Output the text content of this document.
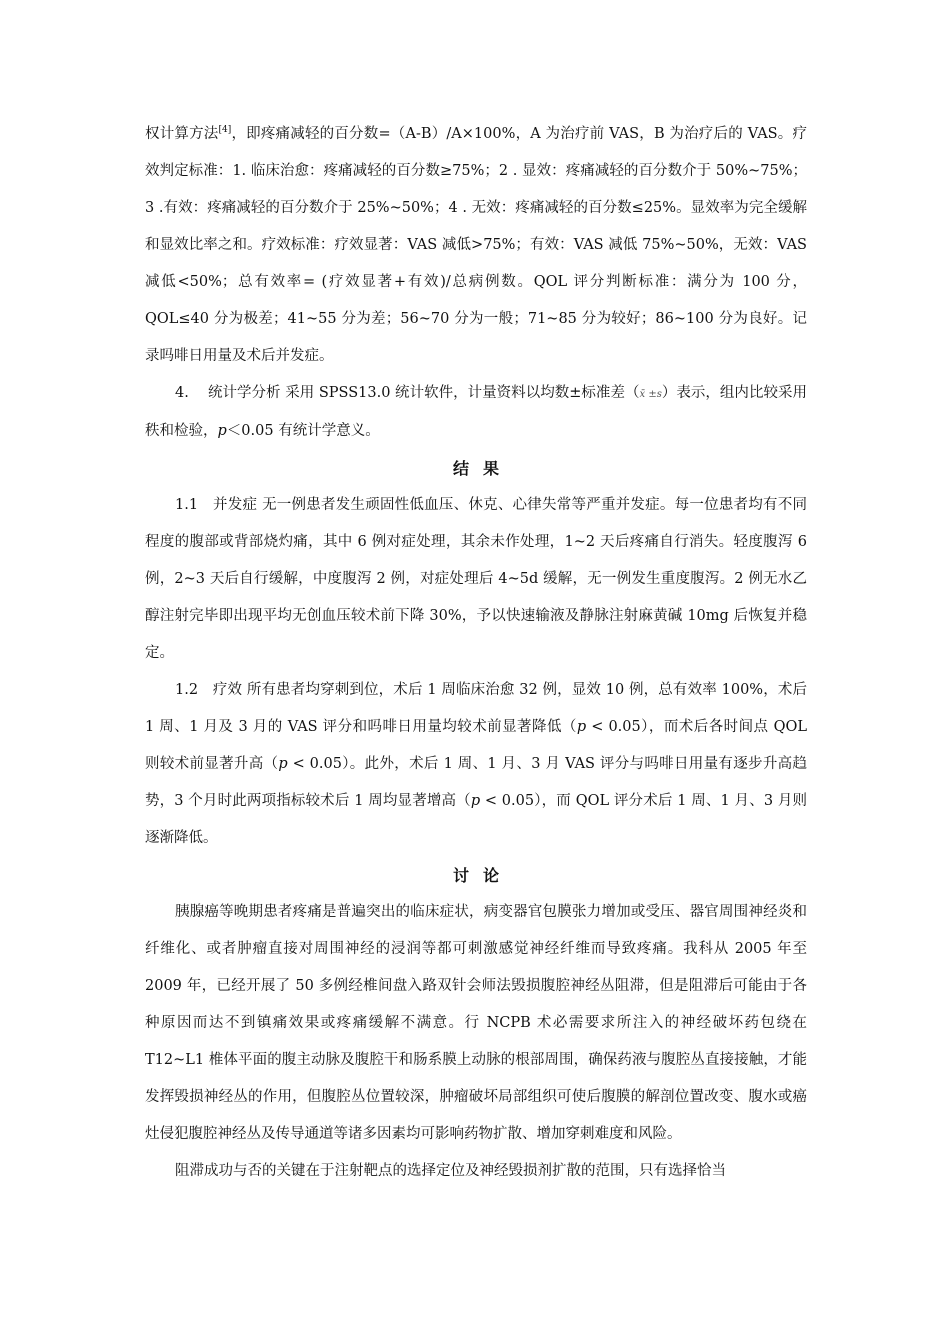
权计算方法[4]，即疼痛减轻的百分数=（A-B）/A×100%，A 为治疗前 VAS，B 为治疗后的 VAS。疗效判定标准：1. 临床治愈：疼痛减轻的百分数≥75%；2 . 显效：疼痛减轻的百分数介于 50%~75%；3 .有效：疼痛减轻的百分数介于 25%~50%；4 . 无效：疼痛减轻的百分数≤25%。显效率为完全缓解和显效比率之和。疗效标准：疗效显著：VAS 减低>75%；有效：VAS 减低 75%~50%，无效：VAS 减低<50%；总有效率= (疗效显著+有效)/总病例数。QOL 评分判断标准：满分为 100 分，QOL≤40 分为极差；41~55 分为差；56~70 分为一般；71~85 分为较好；86~100 分为良好。记录吗啡日用量及术后并发症。

4.　 统计学分析 采用 SPSS13.0 统计软件，计量资料以均数±标准差（x̄ ±s）表示，组内比较采用秩和检验，p＜0.05 有统计学意义。

结果

1.1　并发症 无一例患者发生顽固性低血压、休克、心律失常等严重并发症。每一位患者均有不同程度的腹部或背部烧灼痛，其中 6 例对症处理，其余未作处理，1~2 天后疼痛自行消失。轻度腹泻 6 例，2~3 天后自行缓解，中度腹泻 2 例，对症处理后 4~5d 缓解，无一例发生重度腹泻。2 例无水乙醇注射完毕即出现平均无创血压较术前下降 30%，予以快速输液及静脉注射麻黄碱 10mg 后恢复并稳定。

1.2　疗效 所有患者均穿刺到位，术后 1 周临床治愈 32 例，显效 10 例，总有效率 100%，术后 1 周、1 月及 3 月的 VAS 评分和吗啡日用量均较术前显著降低（p < 0.05），而术后各时间点 QOL 则较术前显著升高（p < 0.05）。此外，术后 1 周、1 月、3 月 VAS 评分与吗啡日用量有逐步升高趋势，3 个月时此两项指标较术后 1 周均显著增高（p < 0.05），而 QOL 评分术后 1 周、1 月、3 月则逐渐降低。

讨论

胰腺癌等晚期患者疼痛是普遍突出的临床症状，病变器官包膜张力增加或受压、器官周围神经炎和纤维化、或者肿瘤直接对周围神经的浸润等都可刺激感觉神经纤维而导致疼痛。我科从 2005 年至 2009 年，已经开展了 50 多例经椎间盘入路双针会师法毁损腹腔神经丛阻滞，但是阻滞后可能由于各种原因而达不到镇痛效果或疼痛缓解不满意。行 NCPB 术必需要求所注入的神经破坏药包绕在 T12~L1 椎体平面的腹主动脉及腹腔干和肠系膜上动脉的根部周围，确保药液与腹腔丛直接接触，才能发挥毁损神经丛的作用，但腹腔丛位置较深，肿瘤破坏局部组织可使后腹膜的解剖位置改变、腹水或癌灶侵犯腹腔神经丛及传导通道等诸多因素均可影响药物扩散、增加穿刺难度和风险。

阻滞成功与否的关键在于注射靶点的选择定位及神经毁损剂扩散的范围，只有选择恰当
